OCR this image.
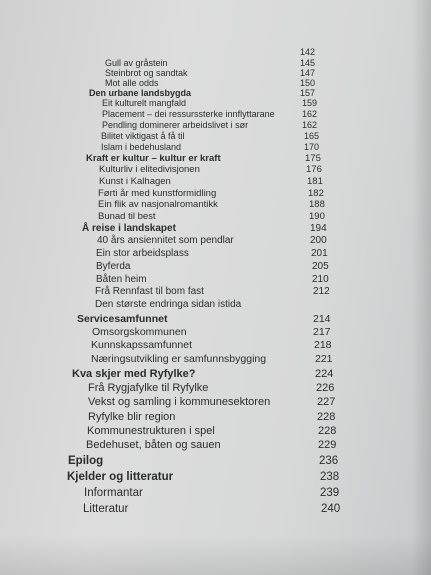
142
Gull av gråstein	145
Steinbrot og sandtak	147
Mot alle odds	150
Den urbane landsbygda	157
Eit kulturelt mangfald	159
Placement – dei ressurssterke innflyttarane	162
Pendling dominerer arbeidslivet i sør	162
Bilitet viktigast å få til	165
Islam i bedehusland	170
Kraft er kultur – kultur er kraft	175
Kulturliv i elitedivisjonen	176
Kunst i Kalhagen	181
Førti år med kunstformidling	182
Ein flik av nasjonalromantikk	188
Bunad til best	190
Å reise i landskapet	194
40 års ansiennitet som pendlar	200
Ein stor arbeidsplass	201
Byferda	205
Båten heim	210
Frå Rennfast til bom fast	212
Den største endringa sidan istida
Servicesamfunnet	214
Omsorgskommunen	217
Kunnskapssamfunnet	218
Næringsutvikling er samfunnsbygging	221
Kva skjer med Ryfylke?	224
Frå Rygjafylke til Ryfylke	226
Vekst og samling i kommunesektoren	227
Ryfylke blir region	228
Kommunestrukturen i spel	228
Bedehuset, båten og sauen	229
Epilog	236
Kjelder og litteratur	238
Informantar	239
Litteratur	240
